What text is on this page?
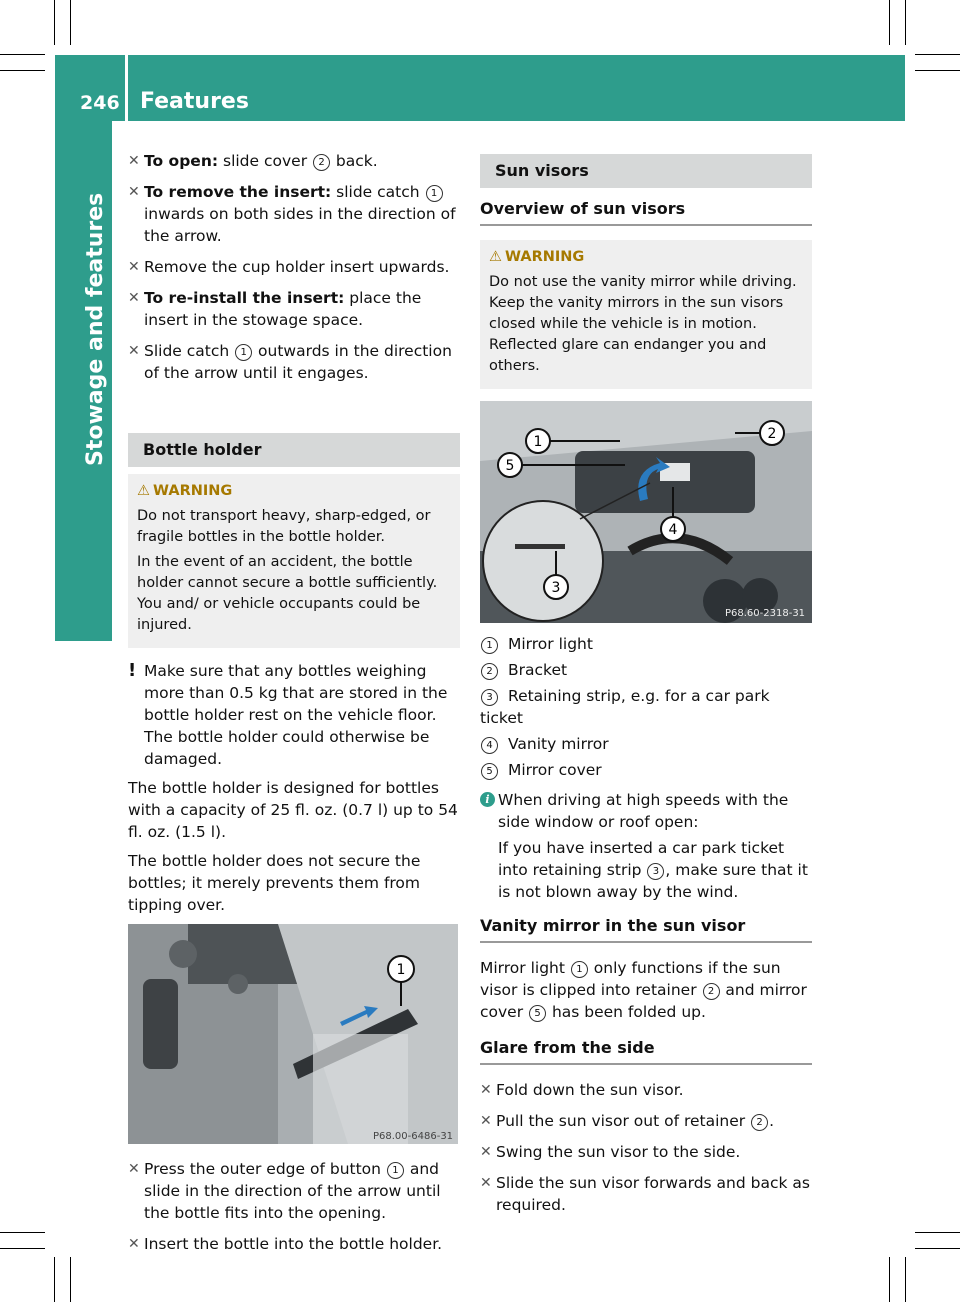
246 Features
Stowage and features
✕ To open: slide cover 2 back.
✕ To remove the insert: slide catch 1 inwards on both sides in the direction of the arrow.
✕ Remove the cup holder insert upwards.
✕ To re-install the insert: place the insert in the stowage space.
✕ Slide catch 1 outwards in the direction of the arrow until it engages.
Bottle holder
⚠ WARNING

Do not transport heavy, sharp-edged, or fragile bottles in the bottle holder.

In the event of an accident, the bottle holder cannot secure a bottle sufficiently. You and/ or vehicle occupants could be injured.

! Make sure that any bottles weighing more than 0.5 kg that are stored in the bottle holder rest on the vehicle floor. The bottle holder could otherwise be damaged.

The bottle holder is designed for bottles with a capacity of 25 fl. oz. (0.7 l) up to 54 fl. oz. (1.5 l).

The bottle holder does not secure the bottles; it merely prevents them from tipping over.

1
P68.00-6486-31
✕ Press the outer edge of button 1 and slide in the direction of the arrow until the bottle fits into the opening.
✕ Insert the bottle into the bottle holder.
Sun visors
Overview of sun visors
⚠ WARNING

Do not use the vanity mirror while driving. Keep the vanity mirrors in the sun visors closed while the vehicle is in motion. Reflected glare can endanger you and others.

1	2
5
4
3
P68.60-2318-31
1 Mirror light
2 Bracket
3 Retaining strip, e.g. for a car park ticket
4 Vanity mirror
5 Mirror cover
i When driving at high speeds with the side window or roof open:

If you have inserted a car park ticket into retaining strip 3 , make sure that it is not blown away by the wind.

Vanity mirror in the sun visor

Mirror light 1 only functions if the sun visor is clipped into retainer 2 and mirror cover 5 has been folded up.

Glare from the side
✕ Fold down the sun visor.
✕ Pull the sun visor out of retainer 2 .
✕ Swing the sun visor to the side.
✕ Slide the sun visor forwards and back as required.
